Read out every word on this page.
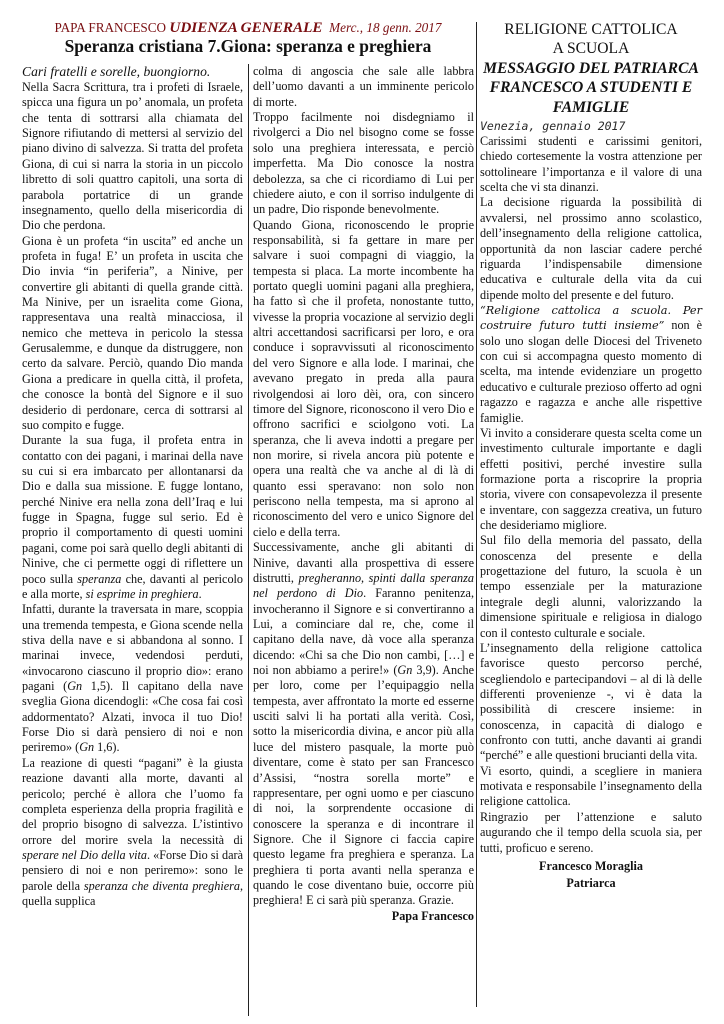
PAPA FRANCESCO UDIENZA GENERALE Merc., 18 genn. 2017
Speranza cristiana 7.Giona: speranza e preghiera

Cari fratelli e sorelle, buongiorno.

Nella Sacra Scrittura, tra i profeti di Israele, spicca una figura un po’ anomala, un profeta che tenta di sottrarsi alla chiamata del Signore rifiutando di mettersi al servizio del piano divino di salvezza. Si tratta del profeta Giona, di cui si narra la storia in un piccolo libretto di soli quattro capitoli, una sorta di parabola portatrice di un grande insegnamento, quello della misericordia di Dio che perdona.

Giona è un profeta “in uscita” ed anche un profeta in fuga! E’ un profeta in uscita che Dio invia “in periferia”, a Ninive, per convertire gli abitanti di quella grande città. Ma Ninive, per un israelita come Giona, rappresentava una realtà minacciosa, il nemico che metteva in pericolo la stessa Gerusalemme, e dunque da distruggere, non certo da salvare. Perciò, quando Dio manda Giona a predicare in quella città, il profeta, che conosce la bontà del Signore e il suo desiderio di perdonare, cerca di sottrarsi al suo compito e fugge.

Durante la sua fuga, il profeta entra in contatto con dei pagani, i marinai della nave su cui si era imbarcato per allontanarsi da Dio e dalla sua missione. E fugge lontano, perché Ninive era nella zona dell’Iraq e lui fugge in Spagna, fugge sul serio. Ed è proprio il comportamento di questi uomini pagani, come poi sarà quello degli abitanti di Ninive, che ci permette oggi di riflettere un poco sulla speranza che, davanti al pericolo e alla morte, si esprime in preghiera.

Infatti, durante la traversata in mare, scoppia una tremenda tempesta, e Giona scende nella stiva della nave e si abbandona al sonno. I marinai invece, vedendosi perduti, «invocarono ciascuno il proprio dio»: erano pagani (Gn 1,5). Il capitano della nave sveglia Giona dicendogli: «Che cosa fai così addormentato? Alzati, invoca il tuo Dio! Forse Dio si darà pensiero di noi e non periremo» (Gn 1,6).

La reazione di questi “pagani” è la giusta reazione davanti alla morte, davanti al pericolo; perché è allora che l’uomo fa completa esperienza della propria fragilità e del proprio bisogno di salvezza. L’istintivo orrore del morire svela la necessità di sperare nel Dio della vita. «Forse Dio si darà pensiero di noi e non periremo»: sono le parole della speranza che diventa preghiera, quella supplica

colma di angoscia che sale alle labbra dell’uomo davanti a un imminente pericolo di morte.

Troppo facilmente noi disdegniamo il rivolgerci a Dio nel bisogno come se fosse solo una preghiera interessata, e perciò imperfetta. Ma Dio conosce la nostra debolezza, sa che ci ricordiamo di Lui per chiedere aiuto, e con il sorriso indulgente di un padre, Dio risponde benevolmente.

Quando Giona, riconoscendo le proprie responsabilità, si fa gettare in mare per salvare i suoi compagni di viaggio, la tempesta si placa. La morte incombente ha portato quegli uomini pagani alla preghiera, ha fatto sì che il profeta, nonostante tutto, vivesse la propria vocazione al servizio degli altri accettandosi sacrificarsi per loro, e ora conduce i sopravvissuti al riconoscimento del vero Signore e alla lode. I marinai, che avevano pregato in preda alla paura rivolgendosi ai loro dèi, ora, con sincero timore del Signore, riconoscono il vero Dio e offrono sacrifici e sciolgono voti. La speranza, che li aveva indotti a pregare per non morire, si rivela ancora più potente e opera una realtà che va anche al di là di quanto essi speravano: non solo non periscono nella tempesta, ma si aprono al riconoscimento del vero e unico Signore del cielo e della terra.

Successivamente, anche gli abitanti di Ninive, davanti alla prospettiva di essere distrutti, pregheranno, spinti dalla speranza nel perdono di Dio. Faranno penitenza, invocheranno il Signore e si convertiranno a Lui, a cominciare dal re, che, come il capitano della nave, dà voce alla speranza dicendo: «Chi sa che Dio non cambi, […] e noi non abbiamo a perire!» (Gn 3,9). Anche per loro, come per l’equipaggio nella tempesta, aver affrontato la morte ed esserne usciti salvi li ha portati alla verità. Così, sotto la misericordia divina, e ancor più alla luce del mistero pasquale, la morte può diventare, come è stato per san Francesco d’Assisi, “nostra sorella morte” e rappresentare, per ogni uomo e per ciascuno di noi, la sorprendente occasione di conoscere la speranza e di incontrare il Signore. Che il Signore ci faccia capire questo legame fra preghiera e speranza. La preghiera ti porta avanti nella speranza e quando le cose diventano buie, occorre più preghiera! E ci sarà più speranza. Grazie.

Papa Francesco

RELIGIONE CATTOLICA
A SCUOLA
MESSAGGIO DEL PATRIARCA FRANCESCO A STUDENTI E FAMIGLIE
Venezia, gennaio 2017

Carissimi studenti e carissimi genitori, chiedo cortesemente la vostra attenzione per sottolineare l’importanza e il valore di una scelta che vi sta dinanzi.

La decisione riguarda la possibilità di avvalersi, nel prossimo anno scolastico, dell’insegnamento della religione cattolica, opportunità da non lasciar cadere perché riguarda l’indispensabile dimensione educativa e culturale della vita da cui dipende molto del presente e del futuro.

“Religione cattolica a scuola. Per costruire futuro tutti insieme” non è solo uno slogan delle Diocesi del Triveneto con cui si accompagna questo momento di scelta, ma intende evidenziare un progetto educativo e culturale prezioso offerto ad ogni ragazzo e ragazza e anche alle rispettive famiglie.

Vi invito a considerare questa scelta come un investimento culturale importante e dagli effetti positivi, perché investire sulla formazione porta a riscoprire la propria storia, vivere con consapevolezza il presente e inventare, con saggezza creativa, un futuro che desideriamo migliore.

Sul filo della memoria del passato, della conoscenza del presente e della progettazione del futuro, la scuola è un tempo essenziale per la maturazione integrale degli alunni, valorizzando la dimensione spirituale e religiosa in dialogo con il contesto culturale e sociale.

L’insegnamento della religione cattolica favorisce questo percorso perché, scegliendolo e partecipandovi – al di là delle differenti provenienze -, vi è data la possibilità di crescere insieme: in conoscenza, in capacità di dialogo e confronto con tutti, anche davanti ai grandi “perché” e alle questioni bruciantі della vita.

Vi esorto, quindi, a scegliere in maniera motivata e responsabile l’insegnamento della religione cattolica.

Ringrazio per l’attenzione e saluto augurando che il tempo della scuola sia, per tutti, proficuo e sereno.

Francesco Moraglia
Patriarca
